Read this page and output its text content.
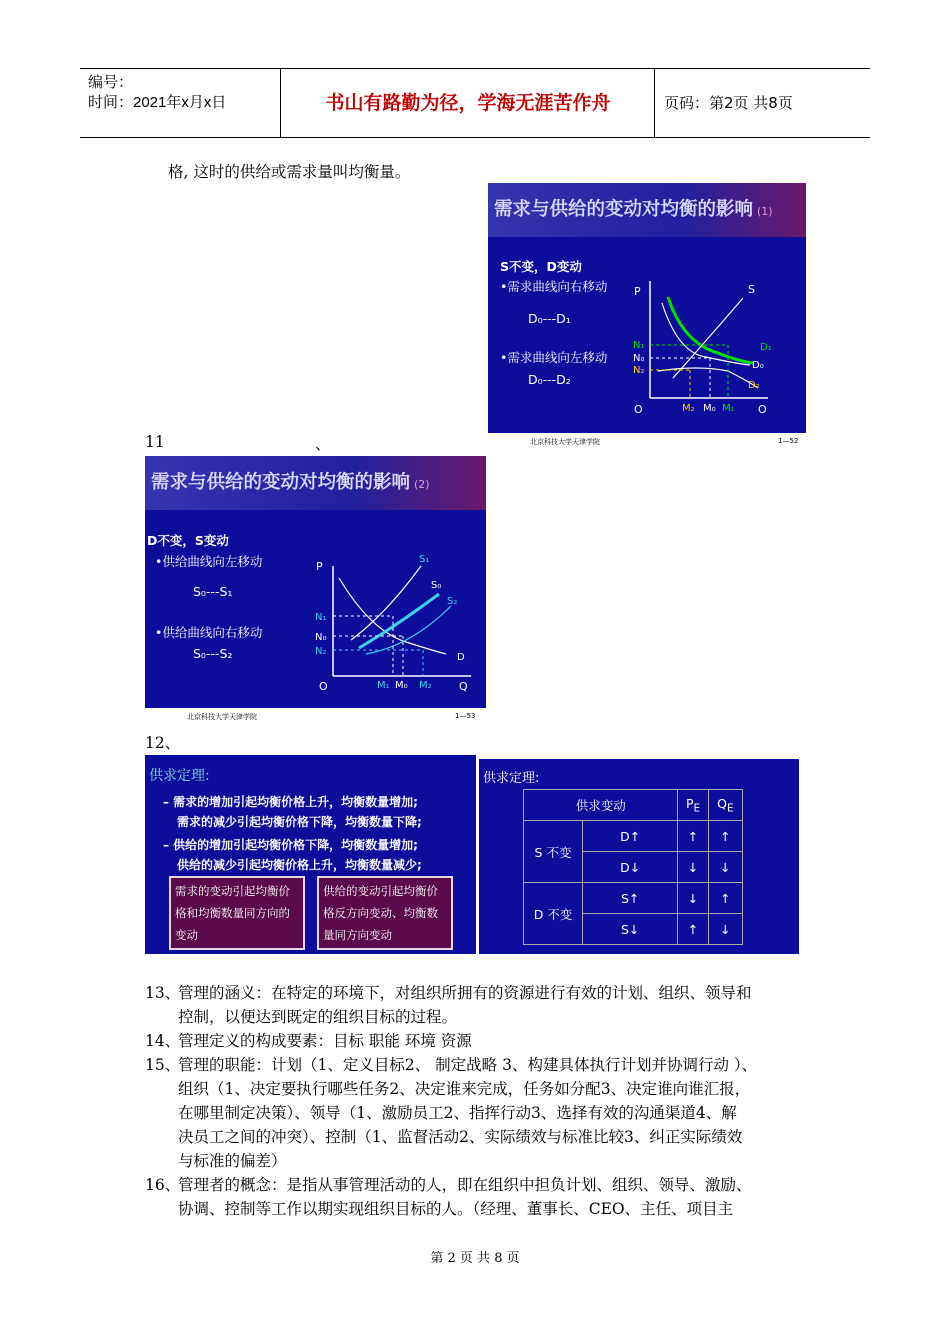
编号：
时间：2021年x月x日	书山有路勤为径，学海无涯苦作舟	页码：第2页 共8页
格, 这时的供给或需求量叫均衡量。
需求与供给的变动对均衡的影响 (1)
S不变，D变动
•需求曲线向右移动
D₀---D₁
•需求曲线向左移动
D₀---D₂
P
O	Q
S
D₁
D₀
D₂
N₁
N₀
N₂
M₂ M₀ M₁
北京科技大学天津学院	1—52
11	、
需求与供给的变动对均衡的影响 (2)
D不变，S变动
•供给曲线向左移动
S₀---S₁
•供给曲线向右移动
S₀---S₂
P
O	Q
S₁
S₀
S₂
D
N₁
N₀
N₂
M₁ M₀ M₂
北京科技大学天津学院	1—53
12、
供求定理:
– 需求的增加引起均衡价格上升，均衡数量增加;
需求的减少引起均衡价格下降，均衡数量下降;
– 供给的增加引起均衡价格下降，均衡数量增加;
供给的减少引起均衡价格上升，均衡数量减少;
需求的变动引起均衡价格和均衡数量同方向的变动
供给的变动引起均衡价格反方向变动、均衡数量同方向变动
供求定理:
供求变动		$P_E$	$Q_E$
S 不变	D↑	↑	↑
	D↓	↓	↓
D 不变	S↑	↓	↑
	S↓	↑	↓
13、
管理的涵义：在特定的环境下，对组织所拥有的资源进行有效的计划、组织、领导和
控制，以便达到既定的组织目标的过程。
14、
管理定义的构成要素：目标 职能 环境 资源
15、
管理的职能：计划（1、定义目标2、 制定战略 3、构建具体执行计划并协调行动 ）、
组织（1、决定要执行哪些任务2、决定谁来完成，任务如分配3、决定谁向谁汇报，
在哪里制定决策）、领导（1、激励员工2、指挥行动3、选择有效的沟通渠道4、解
决员工之间的冲突）、控制（1、监督活动2、实际绩效与标准比较3、纠正实际绩效
与标准的偏差）
16、
管理者的概念：是指从事管理活动的人，即在组织中担负计划、组织、领导、激励、
协调、控制等工作以期实现组织目标的人。（经理、董事长、CEO、主任、项目主
第 2 页 共 8 页
